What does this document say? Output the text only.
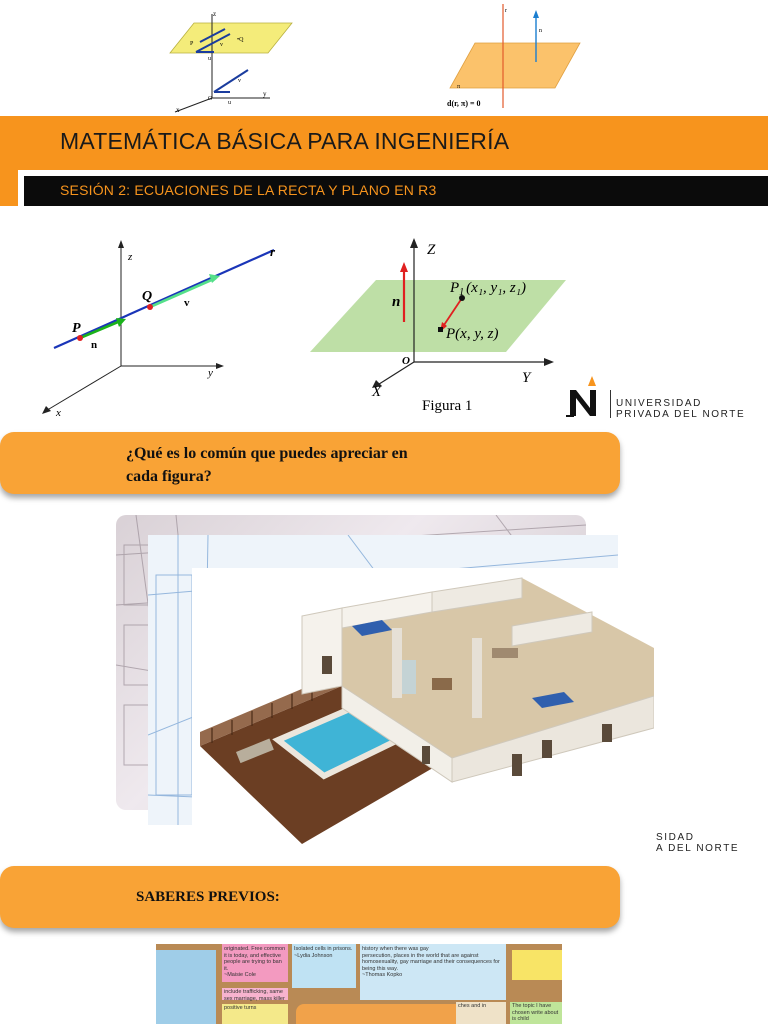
z
x
y
O
P
•Q
v
u
v
u
r
n
π
d(r, π) = 0
MATEMÁTICA BÁSICA PARA INGENIERÍA
SESIÓN 2: ECUACIONES DE LA RECTA Y PLANO EN R3
z
y
x
r
Q
P
v
n
Z
Y
X
O
n
$P_1$ (x₁, y₁, z₁)
P(x, y, z)
Figura 1	UNIVERSIDAD
PRIVADA DEL NORTE
¿Qué es lo común que puedes apreciar en
cada figura?
SIDAD
A DEL NORTE
SABERES PREVIOS:
originated. Free common it is today, and effective people are trying to ban it.
~Maisie Cole
Isolated cells in prisons.
~Lydia Johnson
history when there was gay
persecution, places in the world that are against homosexuality, gay marriage and their consequences for being this way.
~Thomas Kopko
include trafficking, same sex marriage, mass killer
positive turns	ches and in	The topic I have chosen write about is child
